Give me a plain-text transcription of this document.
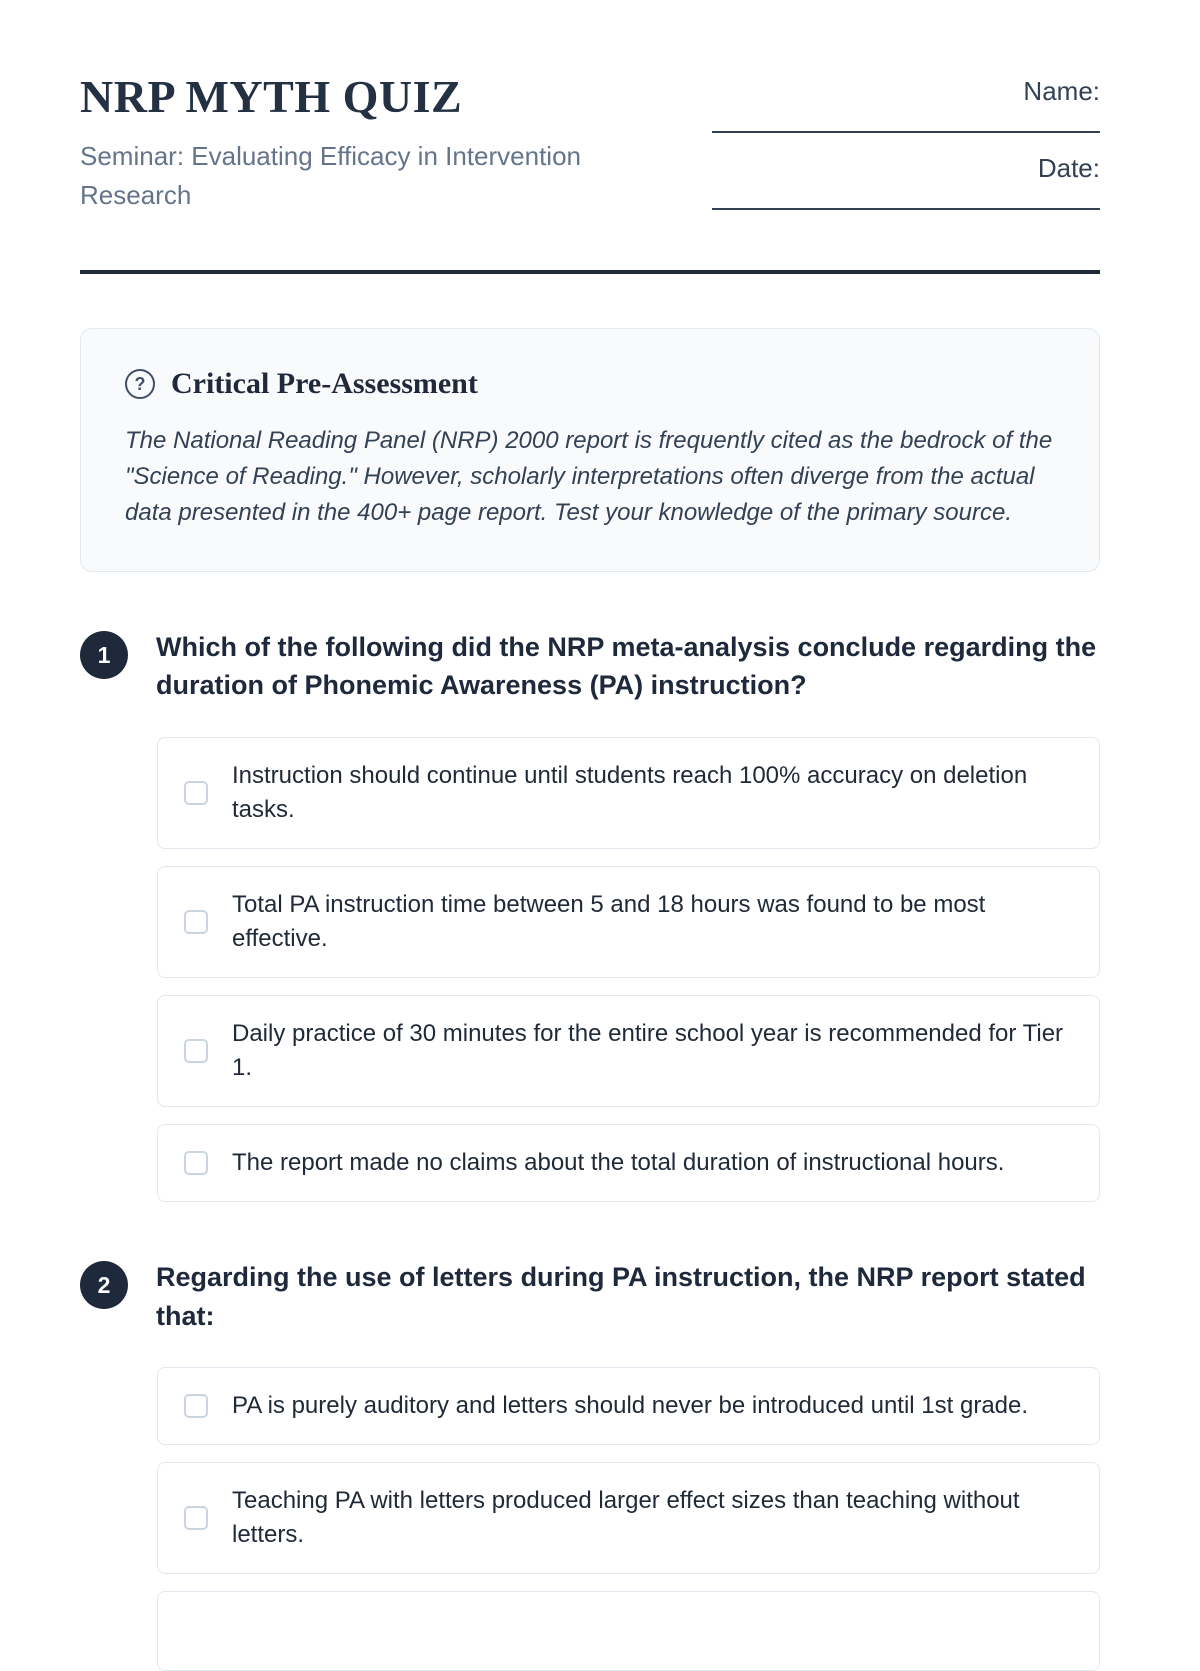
NRP MYTH QUIZ
Seminar: Evaluating Efficacy in Intervention Research
Name:
Date:
? Critical Pre-Assessment

The National Reading Panel (NRP) 2000 report is frequently cited as the bedrock of the "Science of Reading." However, scholarly interpretations often diverge from the actual data presented in the 400+ page report. Test your knowledge of the primary source.

1	Which of the following did the NRP meta-analysis conclude regarding the duration of Phonemic Awareness (PA) instruction?
Instruction should continue until students reach 100% accuracy on deletion tasks.
Total PA instruction time between 5 and 18 hours was found to be most effective.
Daily practice of 30 minutes for the entire school year is recommended for Tier 1.
The report made no claims about the total duration of instructional hours.
2	Regarding the use of letters during PA instruction, the NRP report stated that:
PA is purely auditory and letters should never be introduced until 1st grade.
Teaching PA with letters produced larger effect sizes than teaching without letters.
